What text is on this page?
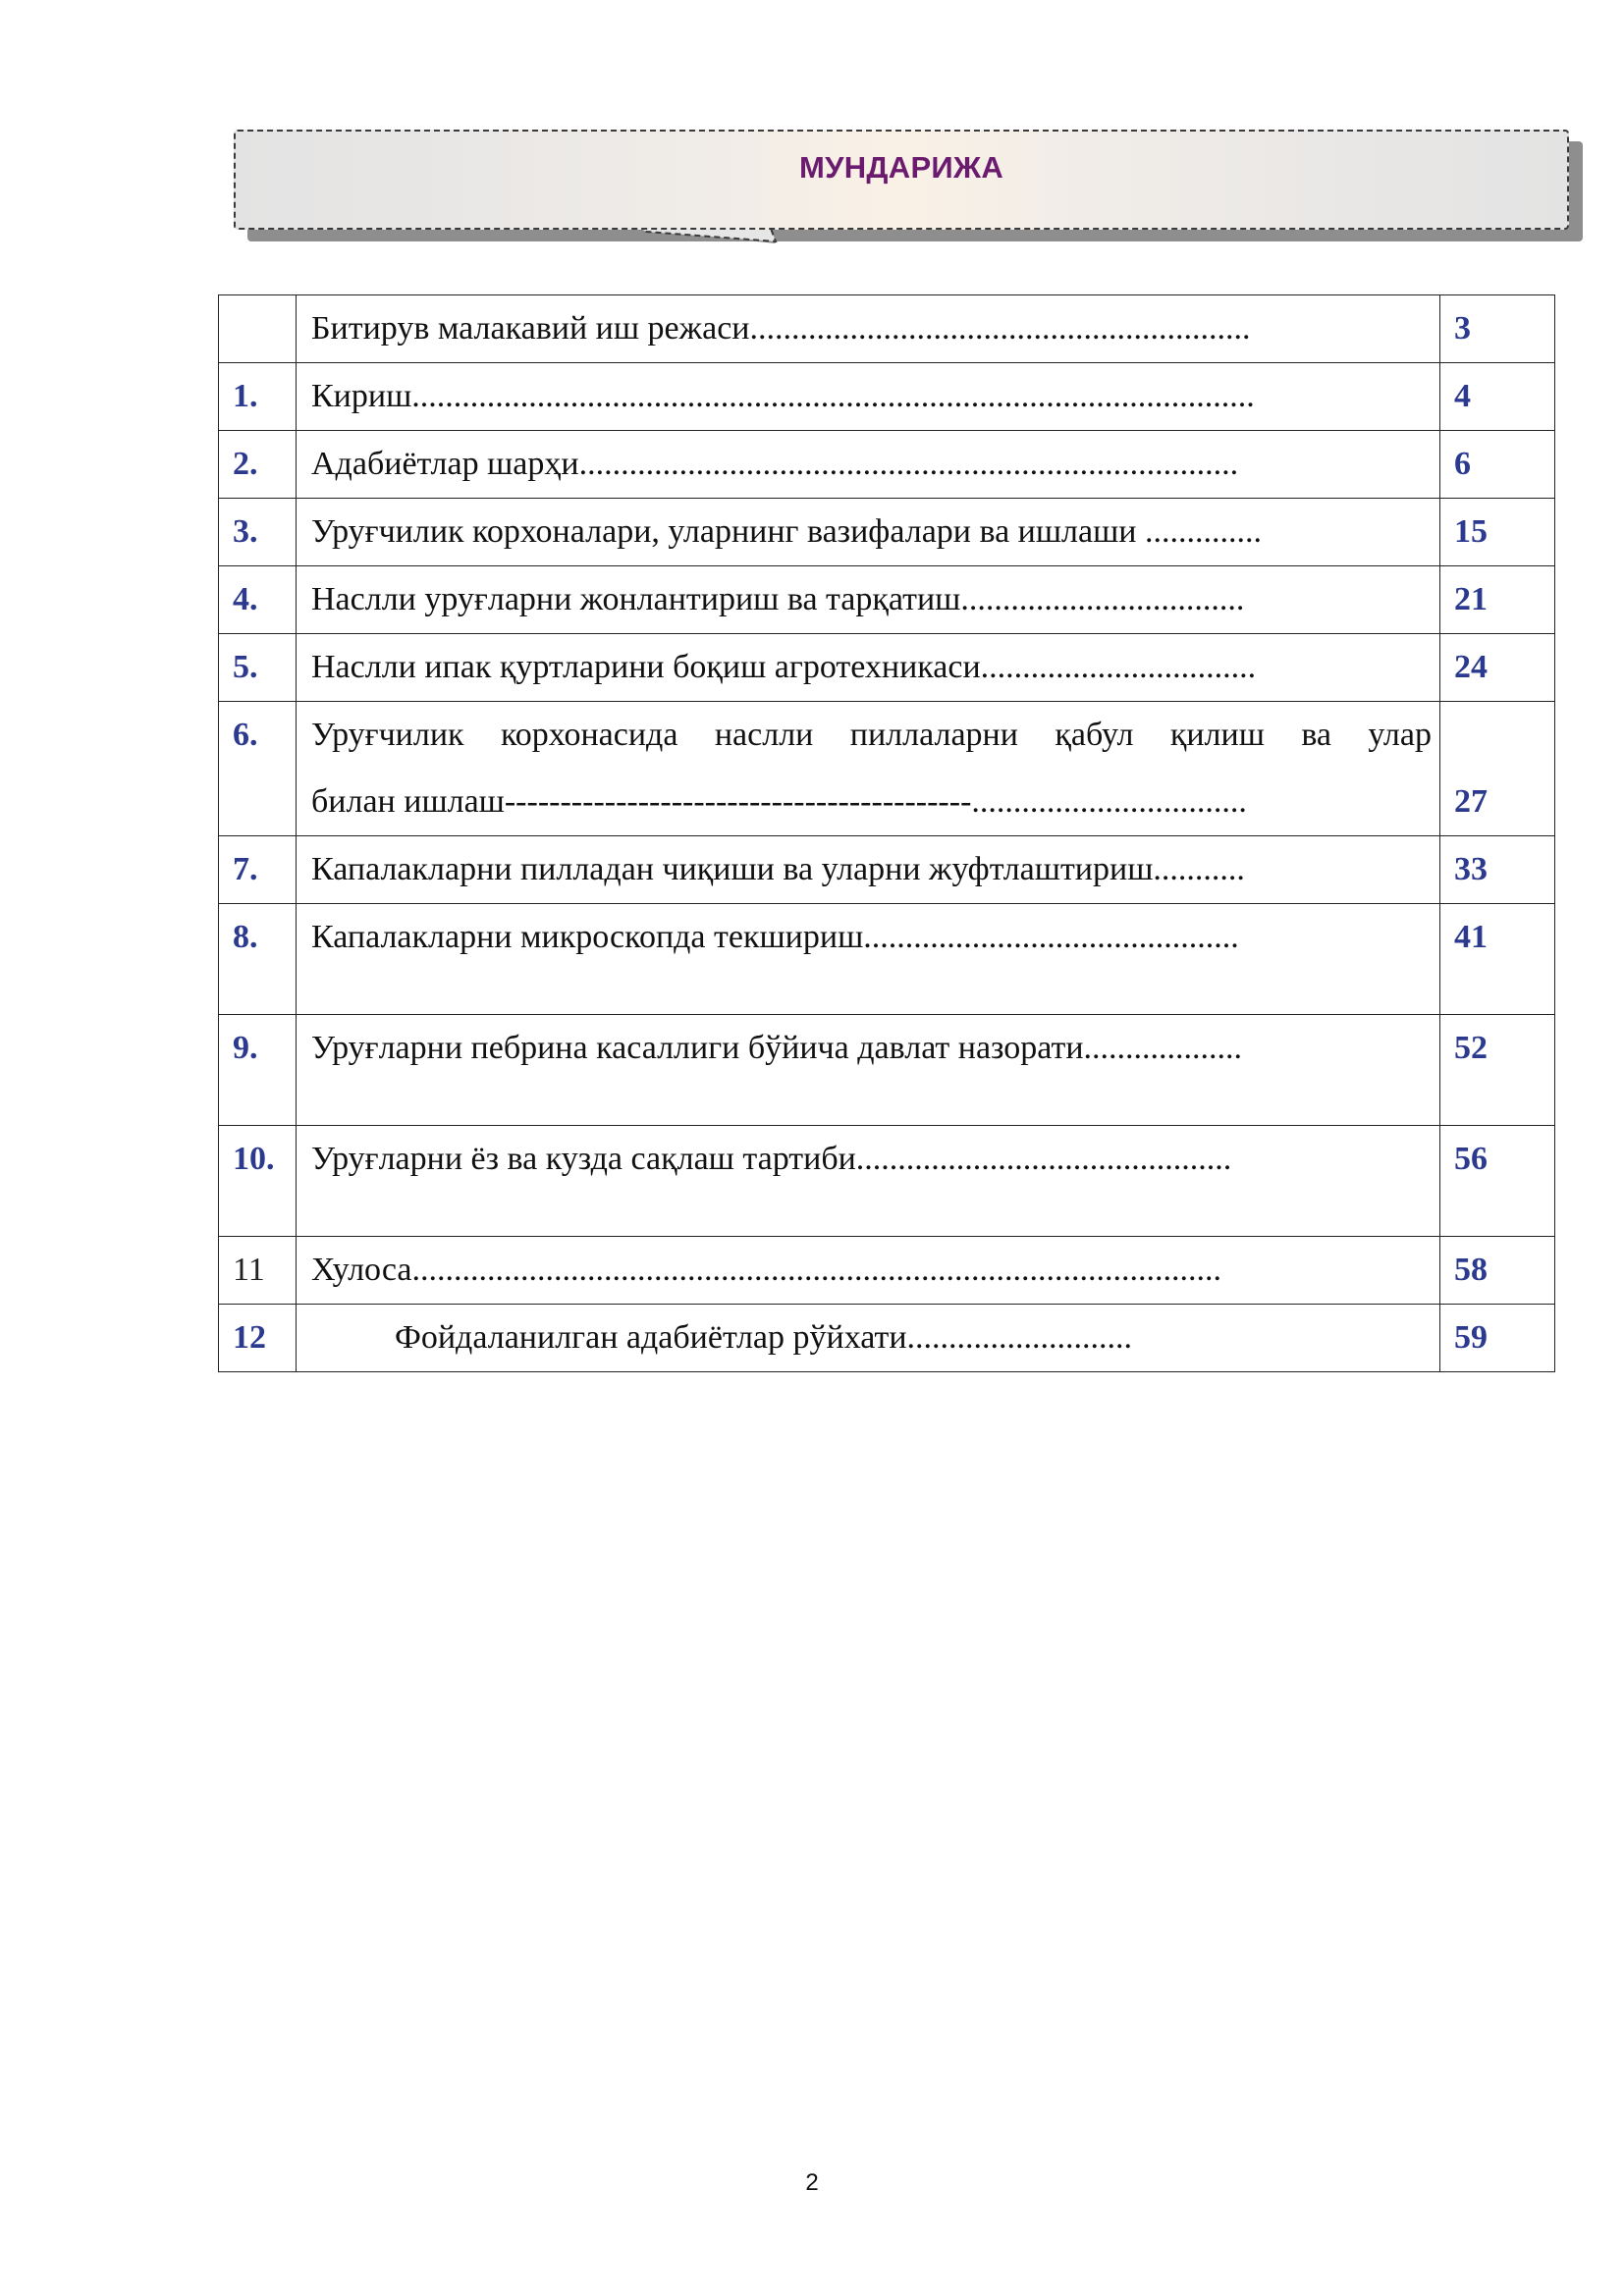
МУНДАРИЖА
	Битирув малакавий иш режаси............................................................	3
1.	Кириш.....................................................................................................	4
2.	Адабиётлар шарҳи...............................................................................	6
3.	Уруғчилик корхоналари, уларнинг вазифалари ва ишлаши ..............	15
4.	Наслли уруғларни жонлантириш ва тарқатиш..................................	21
5.	Наслли ипак қуртларини боқиш агротехникаси.................................	24
6.	Уруғчилик корхонасида наслли пиллаларни қабул қилиш ва улар
билан ишлаш------------------------------------------.................................	27
7.	Капалакларни пилладан чиқиши ва уларни жуфтлаштириш...........	33
8.	Капалакларни микроскопда текшириш.............................................	41
9.	Уруғларни пебрина касаллиги бўйича давлат назорати...................	52
10.	Уруғларни ёз ва кузда сақлаш тартиби.............................................	56
11	Хулоса.................................................................................................	58
12	Фойдаланилган адабиётлар рўйхати...........................	59
2
